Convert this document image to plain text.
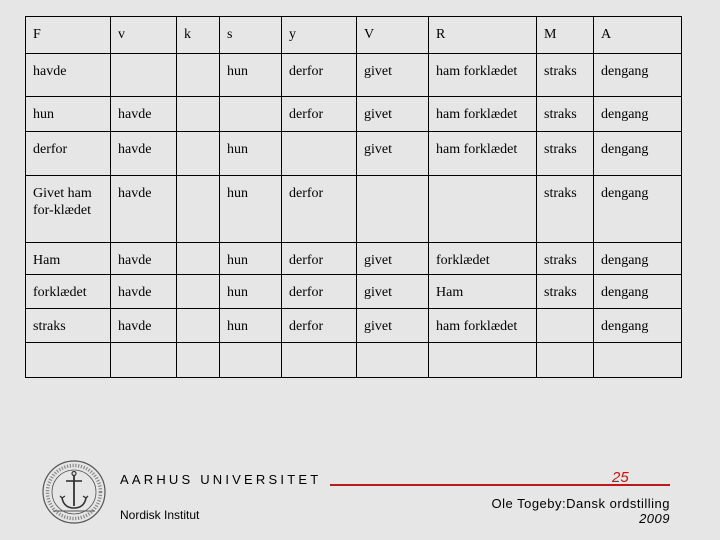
F	v	k	s	y	V	R	M	A
havde			hun	derfor	givet	ham forklædet	straks	dengang
hun	havde			derfor	givet	ham forklædet	straks	dengang
derfor	havde		hun		givet	ham forklædet	straks	dengang
Givet ham for-klædet	havde		hun	derfor			straks	dengang
Ham	havde		hun	derfor	givet	forklædet	straks	dengang
forklædet	havde		hun	derfor	givet	Ham	straks	dengang
straks	havde		hun	derfor	givet	ham forklædet		dengang

AARHUS UNIVERSITET	25
Nordisk Institut
Ole Togeby:Dansk ordstilling
2009
